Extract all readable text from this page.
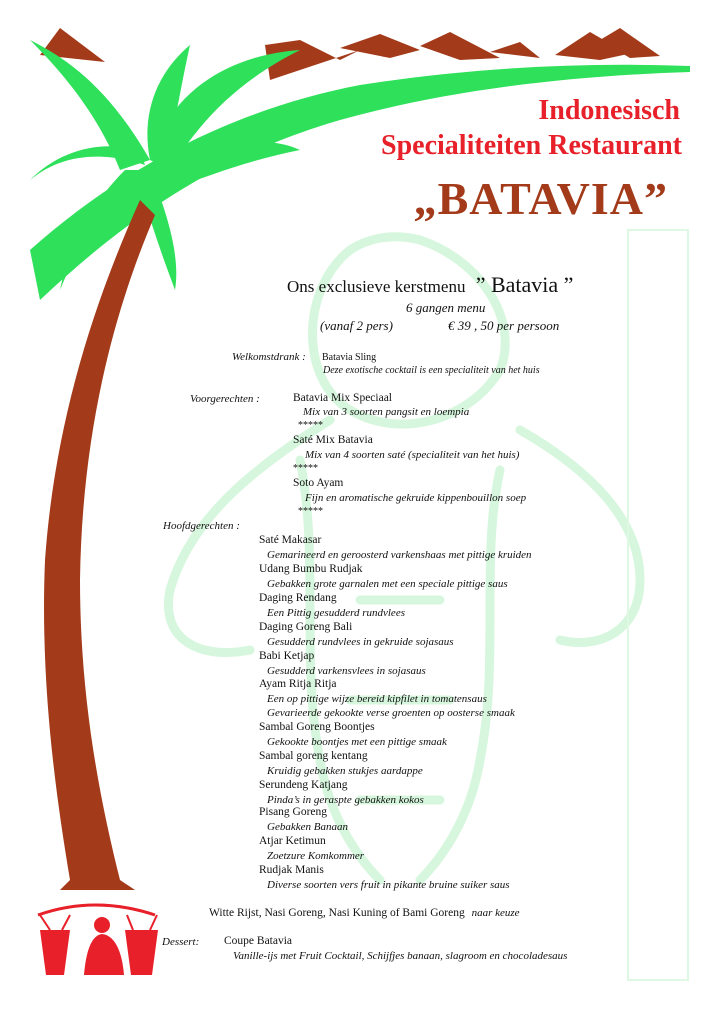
Indonesisch
Specialiteiten Restaurant
„BATAVIA”
Ons exclusieve kerstmenu ” Batavia ”
6 gangen menu
(vanaf 2 pers)	€ 39 , 50 per persoon
Welkomstdrank : Batavia Sling
Deze exotische cocktail is een specialiteit van het huis
Voorgerechten :	Batavia Mix Speciaal
Mix van 3 soorten pangsit en loempia
*****
Saté Mix Batavia
Mix van 4 soorten saté (specialiteit van het huis)
*****
Soto Ayam
Fijn en aromatische gekruide kippenbouillon soep
*****
Hoofdgerechten :
Saté Makasar
Gemarineerd en geroosterd varkenshaas met pittige kruiden
Udang Bumbu Rudjak
Gebakken grote garnalen met een speciale pittige saus
Daging Rendang
Een Pittig gesudderd rundvlees
Daging Goreng Bali
Gesudderd rundvlees in gekruide sojasaus
Babi Ketjap
Gesudderd varkensvlees in sojasaus
Ayam Ritja Ritja
Een op pittige wijze bereid kipfilet in tomatensaus
Gevarieerde gekookte verse groenten op oosterse smaak
Sambal Goreng Boontjes
Gekookte boontjes met een pittige smaak
Sambal goreng kentang
Kruidig gebakken stukjes aardappe
Serundeng Katjang
Pinda’s in geraspte gebakken kokos
Pisang Goreng
Gebakken Banaan
Atjar Ketimun
Zoetzure Komkommer
Rudjak Manis
Diverse soorten vers fruit in pikante bruine suiker saus
Witte Rijst, Nasi Goreng, Nasi Kuning of Bami Goreng naar keuze
Dessert: Coupe Batavia
Vanille-ijs met Fruit Cocktail, Schijfjes banaan, slagroom en chocoladesaus
